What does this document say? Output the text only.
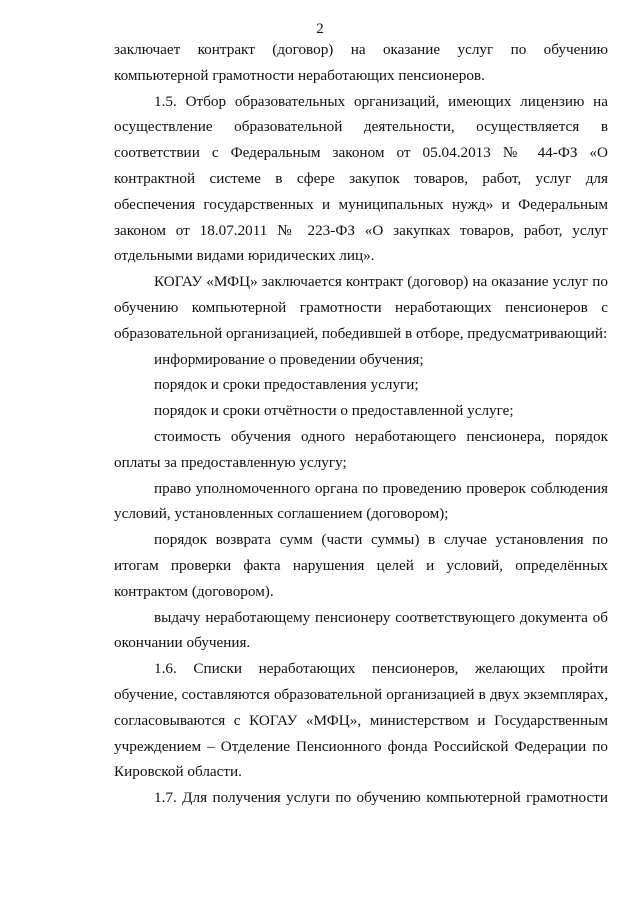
2

заключает контракт (договор) на оказание услуг по обучению компьютерной грамотности неработающих пенсионеров.

1.5. Отбор образовательных организаций, имеющих лицензию на осуществление образовательной деятельности, осуществляется в соответствии с Федеральным законом от 05.04.2013 № 44-ФЗ «О контрактной системе в сфере закупок товаров, работ, услуг для обеспечения государственных и муниципальных нужд» и Федеральным законом от 18.07.2011 № 223-ФЗ «О закупках товаров, работ, услуг отдельными видами юридических лиц».

КОГАУ «МФЦ» заключается контракт (договор) на оказание услуг по обучению компьютерной грамотности неработающих пенсионеров с образовательной организацией, победившей в отборе, предусматривающий:

информирование о проведении обучения;

порядок и сроки предоставления услуги;

порядок и сроки отчётности о предоставленной услуге;

стоимость обучения одного неработающего пенсионера, порядок оплаты за предоставленную услугу;

право уполномоченного органа по проведению проверок соблюдения условий, установленных соглашением (договором);

порядок возврата сумм (части суммы) в случае установления по итогам проверки факта нарушения целей и условий, определённых контрактом (договором).

выдачу неработающему пенсионеру соответствующего документа об окончании обучения.

1.6. Списки неработающих пенсионеров, желающих пройти обучение, составляются образовательной организацией в двух экземплярах, согласовываются с КОГАУ «МФЦ», министерством и Государственным учреждением – Отделение Пенсионного фонда Российской Федерации по Кировской области.

1.7. Для получения услуги по обучению компьютерной грамотности
